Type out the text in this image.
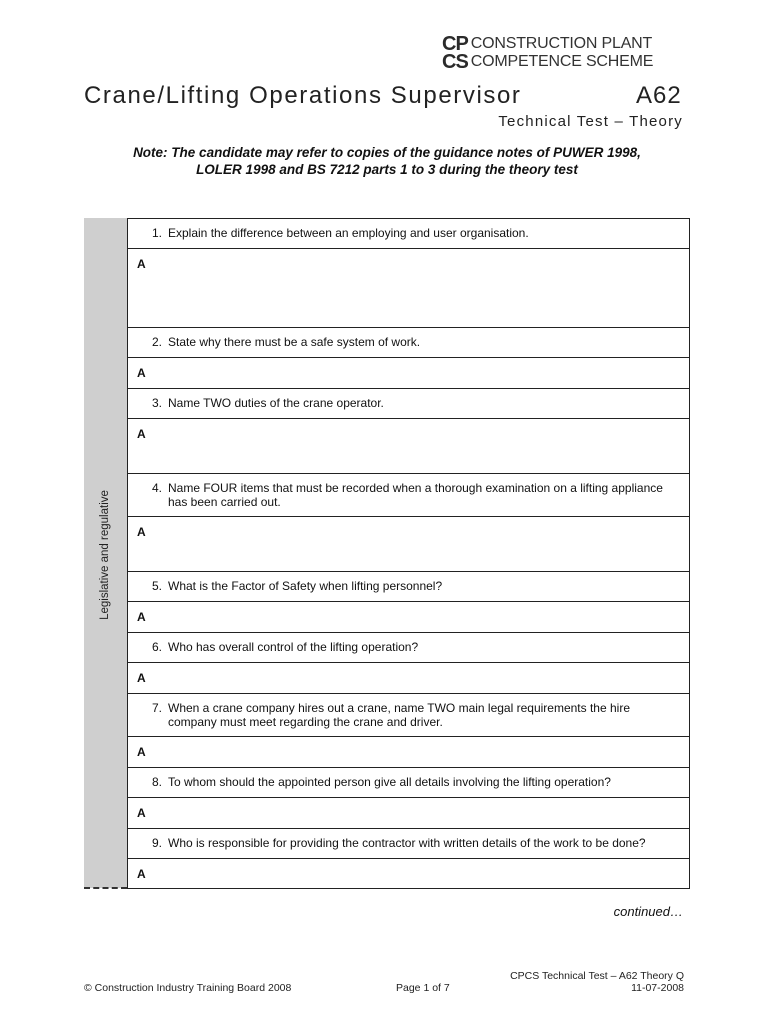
CP
CS
CONSTRUCTION PLANT
COMPETENCE SCHEME
Crane/Lifting Operations Supervisor	A62
Technical Test – Theory
Note: The candidate may refer to copies of the guidance notes of PUWER 1998,
LOLER 1998 and BS 7212 parts 1 to 3 during the theory test
Legislative and regulative
1. Explain the difference between an employing and user organisation.
A
2. State why there must be a safe system of work.
A
3. Name TWO duties of the crane operator.
A
4. Name FOUR items that must be recorded when a thorough examination on a lifting appliance has been carried out.
A
5. What is the Factor of Safety when lifting personnel?
A
6. Who has overall control of the lifting operation?
A
7. When a crane company hires out a crane, name TWO main legal requirements the hire company must meet regarding the crane and driver.
A
8. To whom should the appointed person give all details involving the lifting operation?
A
9. Who is responsible for providing the contractor with written details of the work to be done?
A
continued…
© Construction Industry Training Board 2008	Page 1 of 7
CPCS Technical Test – A62 Theory Q
11-07-2008
